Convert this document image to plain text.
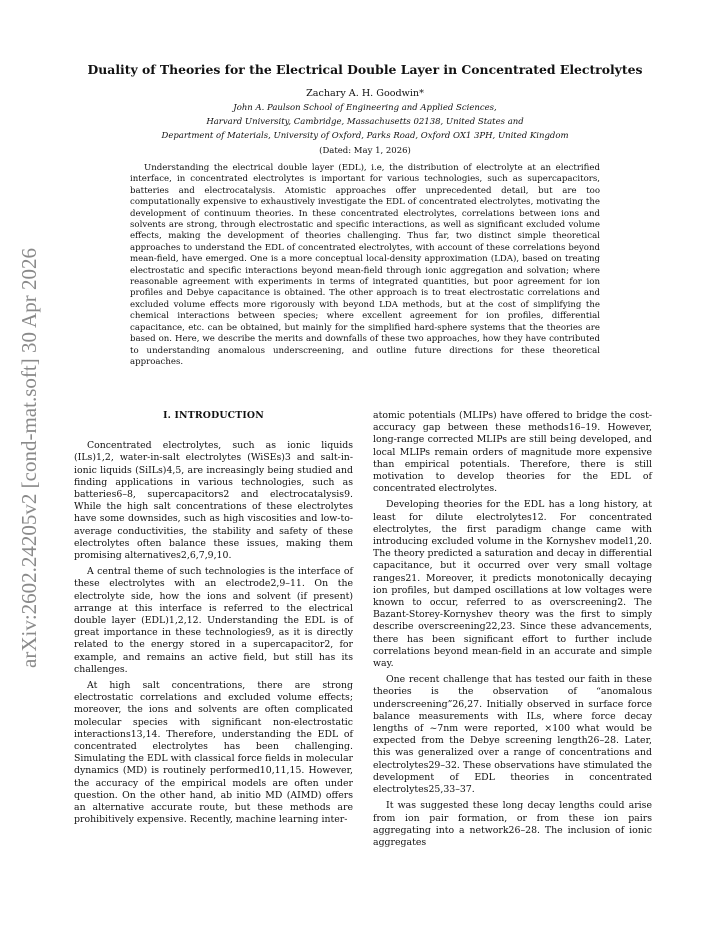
arXiv:2602.24205v2 [cond-mat.soft] 30 Apr 2026
Duality of Theories for the Electrical Double Layer in Concentrated Electrolytes
Zachary A. H. Goodwin*
John A. Paulson School of Engineering and Applied Sciences,
Harvard University, Cambridge, Massachusetts 02138, United States and
Department of Materials, University of Oxford, Parks Road, Oxford OX1 3PH, United Kingdom
(Dated: May 1, 2026)

Understanding the electrical double layer (EDL), i.e, the distribution of electrolyte at an electrified interface, in concentrated electrolytes is important for various technologies, such as supercapacitors, batteries and electrocatalysis. Atomistic approaches offer unprecedented detail, but are too computationally expensive to exhaustively investigate the EDL of concentrated electrolytes, motivating the development of continuum theories. In these concentrated electrolytes, correlations between ions and solvents are strong, through electrostatic and specific interactions, as well as significant excluded volume effects, making the development of theories challenging. Thus far, two distinct simple theoretical approaches to understand the EDL of concentrated electrolytes, with account of these correlations beyond mean-field, have emerged. One is a more conceptual local-density approximation (LDA), based on treating electrostatic and specific interactions beyond mean-field through ionic aggregation and solvation; where reasonable agreement with experiments in terms of integrated quantities, but poor agreement for ion profiles and Debye capacitance is obtained. The other approach is to treat electrostatic correlations and excluded volume effects more rigorously with beyond LDA methods, but at the cost of simplifying the chemical interactions between species; where excellent agreement for ion profiles, differential capacitance, etc. can be obtained, but mainly for the simplified hard-sphere systems that the theories are based on. Here, we describe the merits and downfalls of these two approaches, how they have contributed to understanding anomalous underscreening, and outline future directions for these theoretical approaches.

I. INTRODUCTION

Concentrated electrolytes, such as ionic liquids (ILs)1,2, water-in-salt electrolytes (WiSEs)3 and salt-in-ionic liquids (SiILs)4,5, are increasingly being studied and finding applications in various technologies, such as batteries6–8, supercapacitors2 and electrocatalysis9. While the high salt concentrations of these electrolytes have some downsides, such as high viscosities and low-to-average conductivities, the stability and safety of these electrolytes often balance these issues, making them promising alternatives2,6,7,9,10.

A central theme of such technologies is the interface of these electrolytes with an electrode2,9–11. On the electrolyte side, how the ions and solvent (if present) arrange at this interface is referred to the electrical double layer (EDL)1,2,12. Understanding the EDL is of great importance in these technologies9, as it is directly related to the energy stored in a supercapacitor2, for example, and remains an active field, but still has its challenges.

At high salt concentrations, there are strong electrostatic correlations and excluded volume effects; moreover, the ions and solvents are often complicated molecular species with significant non-electrostatic interactions13,14. Therefore, understanding the EDL of concentrated electrolytes has been challenging. Simulating the EDL with classical force fields in molecular dynamics (MD) is routinely performed10,11,15. However, the accuracy of the empirical models are often under question. On the other hand, ab initio MD (AIMD) offers an alternative accurate route, but these methods are prohibitively expensive. Recently, machine learning inter-

atomic potentials (MLIPs) have offered to bridge the cost-accuracy gap between these methods16–19. However, long-range corrected MLIPs are still being developed, and local MLIPs remain orders of magnitude more expensive than empirical potentials. Therefore, there is still motivation to develop theories for the EDL of concentrated electrolytes.

Developing theories for the EDL has a long history, at least for dilute electrolytes12. For concentrated electrolytes, the first paradigm change came with introducing excluded volume in the Kornyshev model1,20. The theory predicted a saturation and decay in differential capacitance, but it occurred over very small voltage ranges21. Moreover, it predicts monotonically decaying ion profiles, but damped oscillations at low voltages were known to occur, referred to as overscreening2. The Bazant-Storey-Kornyshev theory was the first to simply describe overscreening22,23. Since these advancements, there has been significant effort to further include correlations beyond mean-field in an accurate and simple way.

One recent challenge that has tested our faith in these theories is the observation of “anomalous underscreening”26,27. Initially observed in surface force balance measurements with ILs, where force decay lengths of ~7nm were reported, ×100 what would be expected from the Debye screening length26–28. Later, this was generalized over a range of concentrations and electrolytes29–32. These observations have stimulated the development of EDL theories in concentrated electrolytes25,33–37.

It was suggested these long decay lengths could arise from ion pair formation, or from these ion pairs aggregating into a network26–28. The inclusion of ionic aggregates
